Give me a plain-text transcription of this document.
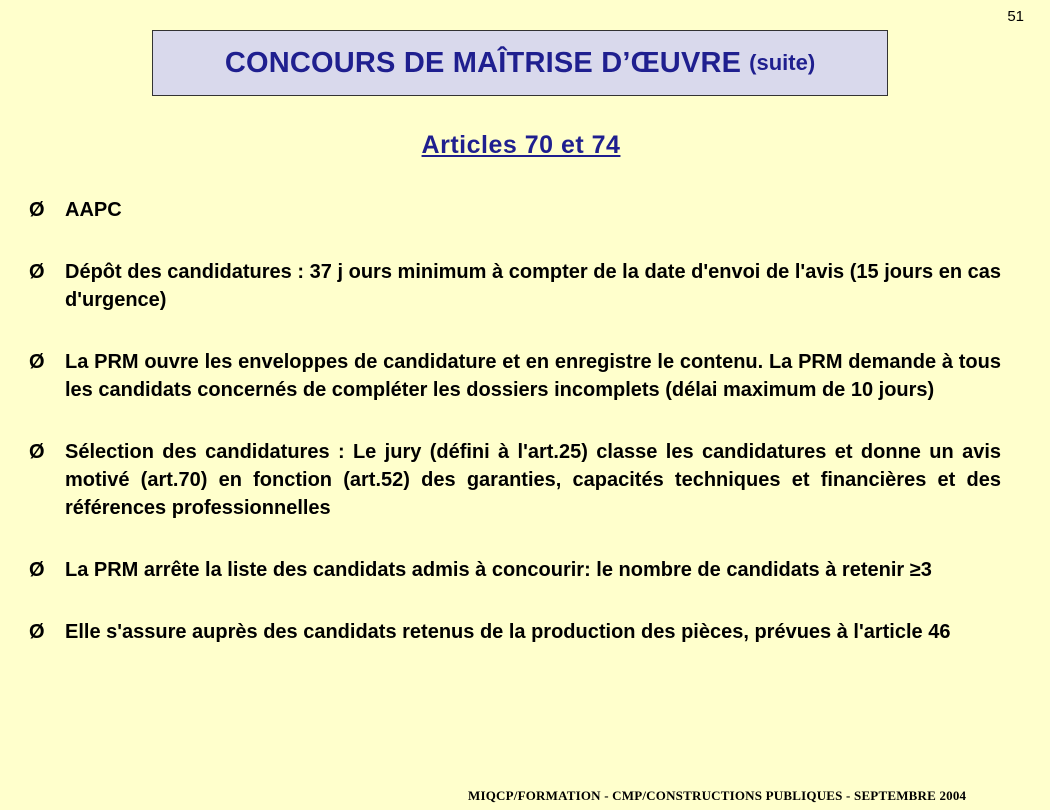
51
CONCOURS DE MAÎTRISE D’ŒUVRE (suite)
Articles 70 et 74
Ø	AAPC
Ø	Dépôt des candidatures : 37 j ours minimum à compter de la date d'envoi de l'avis (15 jours en cas d'urgence)
Ø	La PRM ouvre les enveloppes de candidature et en enregistre le contenu. La PRM demande à tous les candidats concernés de compléter les dossiers incomplets (délai maximum de 10 jours)
Ø	Sélection des candidatures : Le jury (défini à l'art.25) classe les candidatures et donne un avis motivé (art.70) en fonction (art.52) des garanties, capacités techniques et financières et des références professionnelles
Ø	La PRM arrête la liste des candidats admis à concourir: le nombre de candidats à retenir ≥3
Ø	Elle s'assure auprès des candidats retenus de la production des pièces, prévues à l'article 46
MIQCP/FORMATION - CMP/CONSTRUCTIONS PUBLIQUES - SEPTEMBRE 2004
